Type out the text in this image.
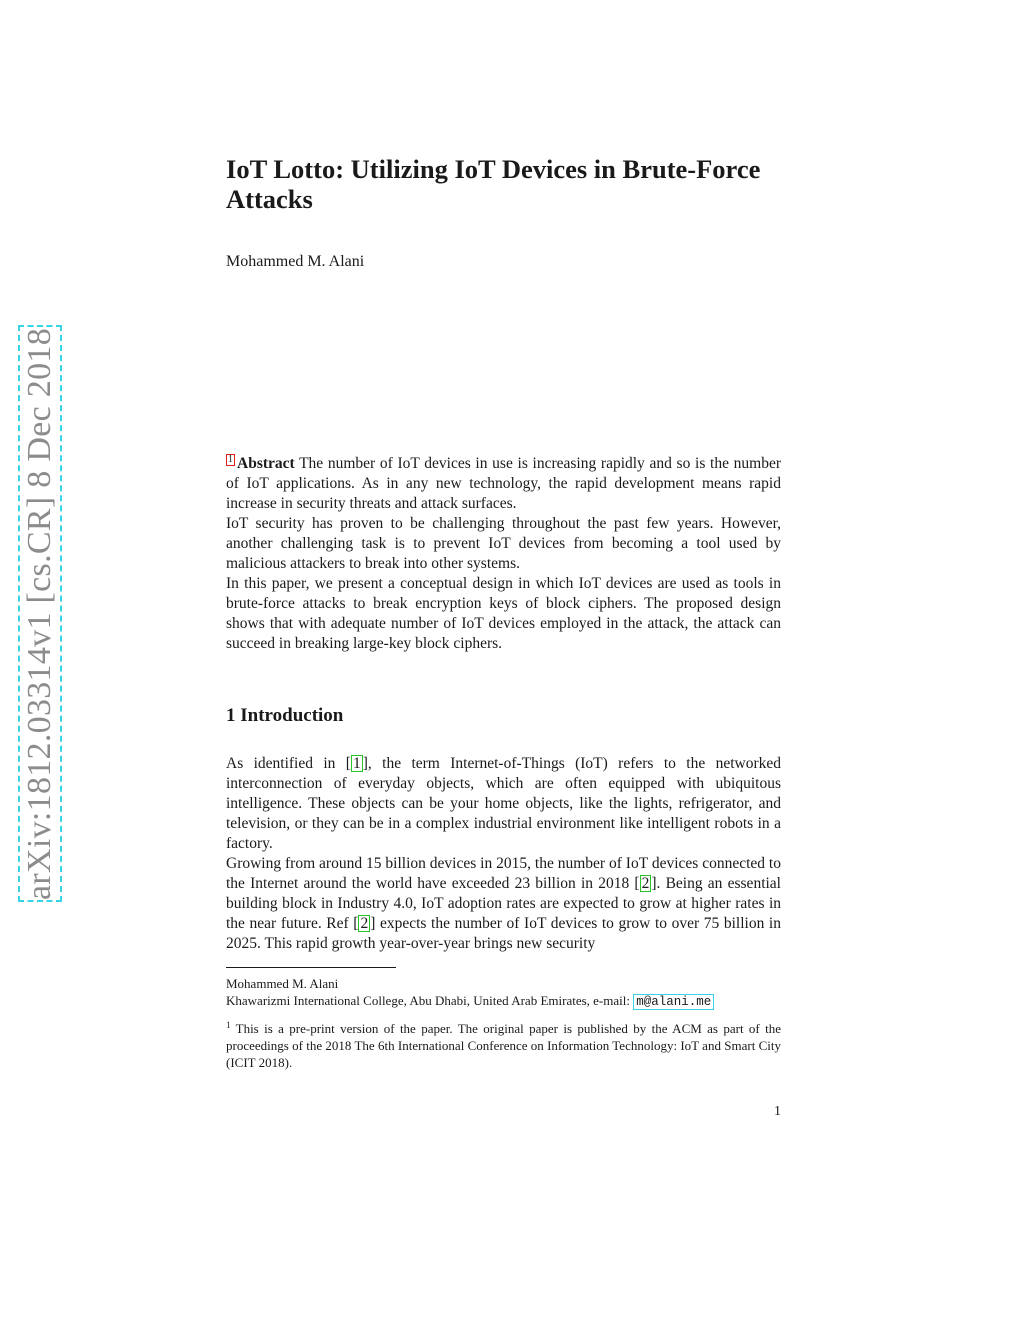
arXiv:1812.03314v1 [cs.CR] 8 Dec 2018
IoT Lotto: Utilizing IoT Devices in Brute-Force Attacks
Mohammed M. Alani

1 Abstract The number of IoT devices in use is increasing rapidly and so is the number of IoT applications. As in any new technology, the rapid development means rapid increase in security threats and attack surfaces.

IoT security has proven to be challenging throughout the past few years. However, another challenging task is to prevent IoT devices from becoming a tool used by malicious attackers to break into other systems.

In this paper, we present a conceptual design in which IoT devices are used as tools in brute-force attacks to break encryption keys of block ciphers. The proposed design shows that with adequate number of IoT devices employed in the attack, the attack can succeed in breaking large-key block ciphers.

1 Introduction

As identified in [ 1 ], the term Internet-of-Things (IoT) refers to the networked interconnection of everyday objects, which are often equipped with ubiquitous intelligence. These objects can be your home objects, like the lights, refrigerator, and television, or they can be in a complex industrial environment like intelligent robots in a factory.

Growing from around 15 billion devices in 2015, the number of IoT devices connected to the Internet around the world have exceeded 23 billion in 2018 [ 2 ]. Being an essential building block in Industry 4.0, IoT adoption rates are expected to grow at higher rates in the near future. Ref [ 2 ] expects the number of IoT devices to grow to over 75 billion in 2025. This rapid growth year-over-year brings new security

Mohammed M. Alani

Khawarizmi International College, Abu Dhabi, United Arab Emirates, e-mail: m@alani.me

$^1$ This is a pre-print version of the paper. The original paper is published by the ACM as part of the proceedings of the 2018 The 6th International Conference on Information Technology: IoT and Smart City (ICIT 2018).

1
